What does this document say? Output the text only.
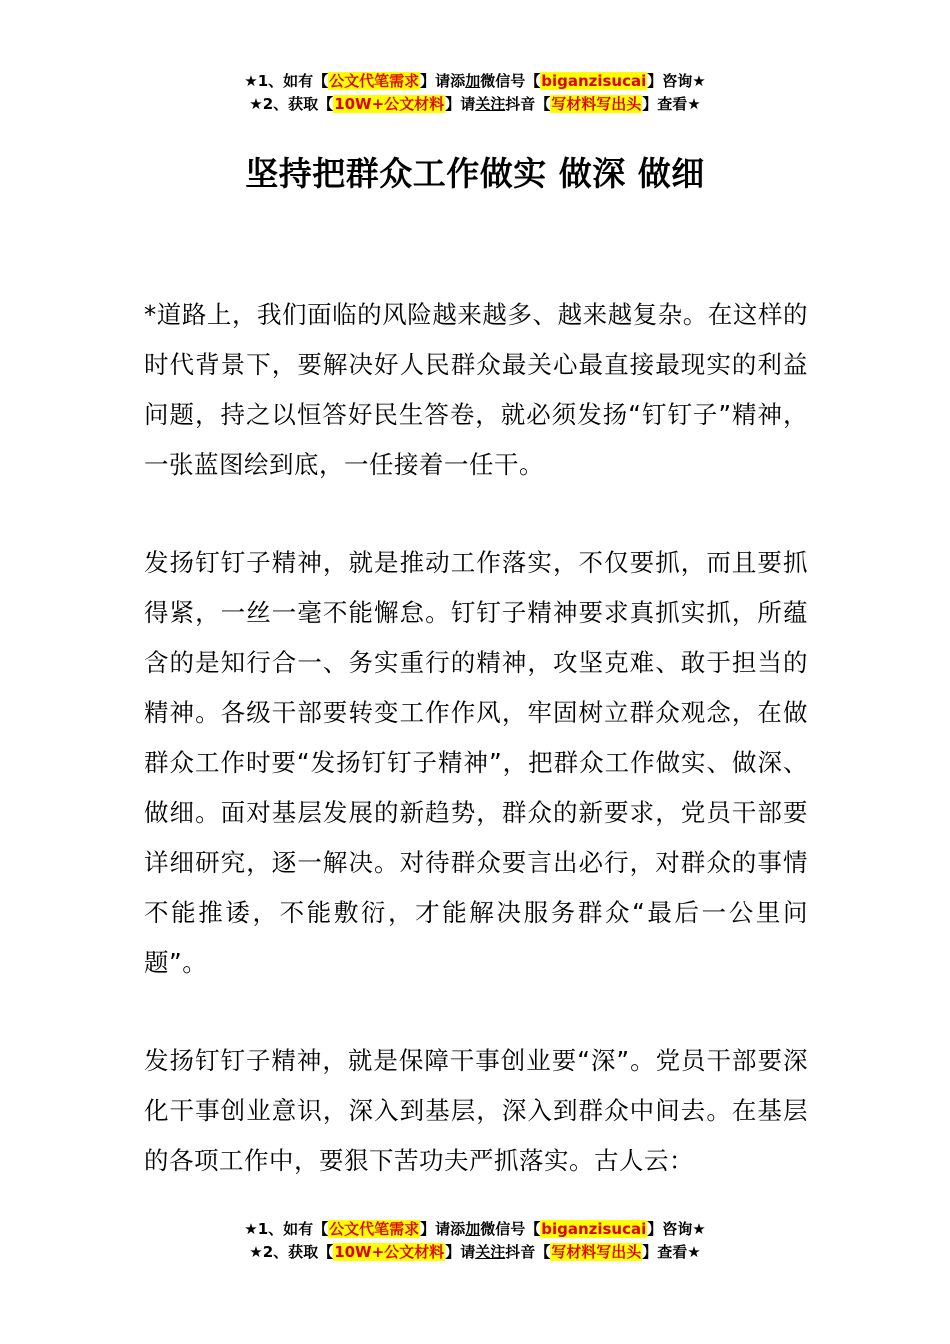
★1、如有【公文代笔需求】请添加微信号【biganzisucai】咨询★
★2、获取【10W+公文材料】请关注抖音【写材料写出头】查看★
坚持把群众工作做实 做深 做细

*道路上，我们面临的风险越来越多、越来越复杂。在这样的时代背景下，要解决好人民群众最关心最直接最现实的利益问题，持之以恒答好民生答卷，就必须发扬“钉钉子”精神，一张蓝图绘到底，一任接着一任干。

发扬钉钉子精神，就是推动工作落实，不仅要抓，而且要抓得紧，一丝一毫不能懈怠。钉钉子精神要求真抓实抓，所蕴含的是知行合一、务实重行的精神，攻坚克难、敢于担当的精神。各级干部要转变工作作风，牢固树立群众观念，在做群众工作时要“发扬钉钉子精神”，把群众工作做实、做深、做细。面对基层发展的新趋势，群众的新要求，党员干部要详细研究，逐一解决。对待群众要言出必行，对群众的事情不能推诿，不能敷衍，才能解决服务群众“最后一公里问题”。

发扬钉钉子精神，就是保障干事创业要“深”。党员干部要深化干事创业意识，深入到基层，深入到群众中间去。在基层的各项工作中，要狠下苦功夫严抓落实。古人云：

★1、如有【公文代笔需求】请添加微信号【biganzisucai】咨询★
★2、获取【10W+公文材料】请关注抖音【写材料写出头】查看★
